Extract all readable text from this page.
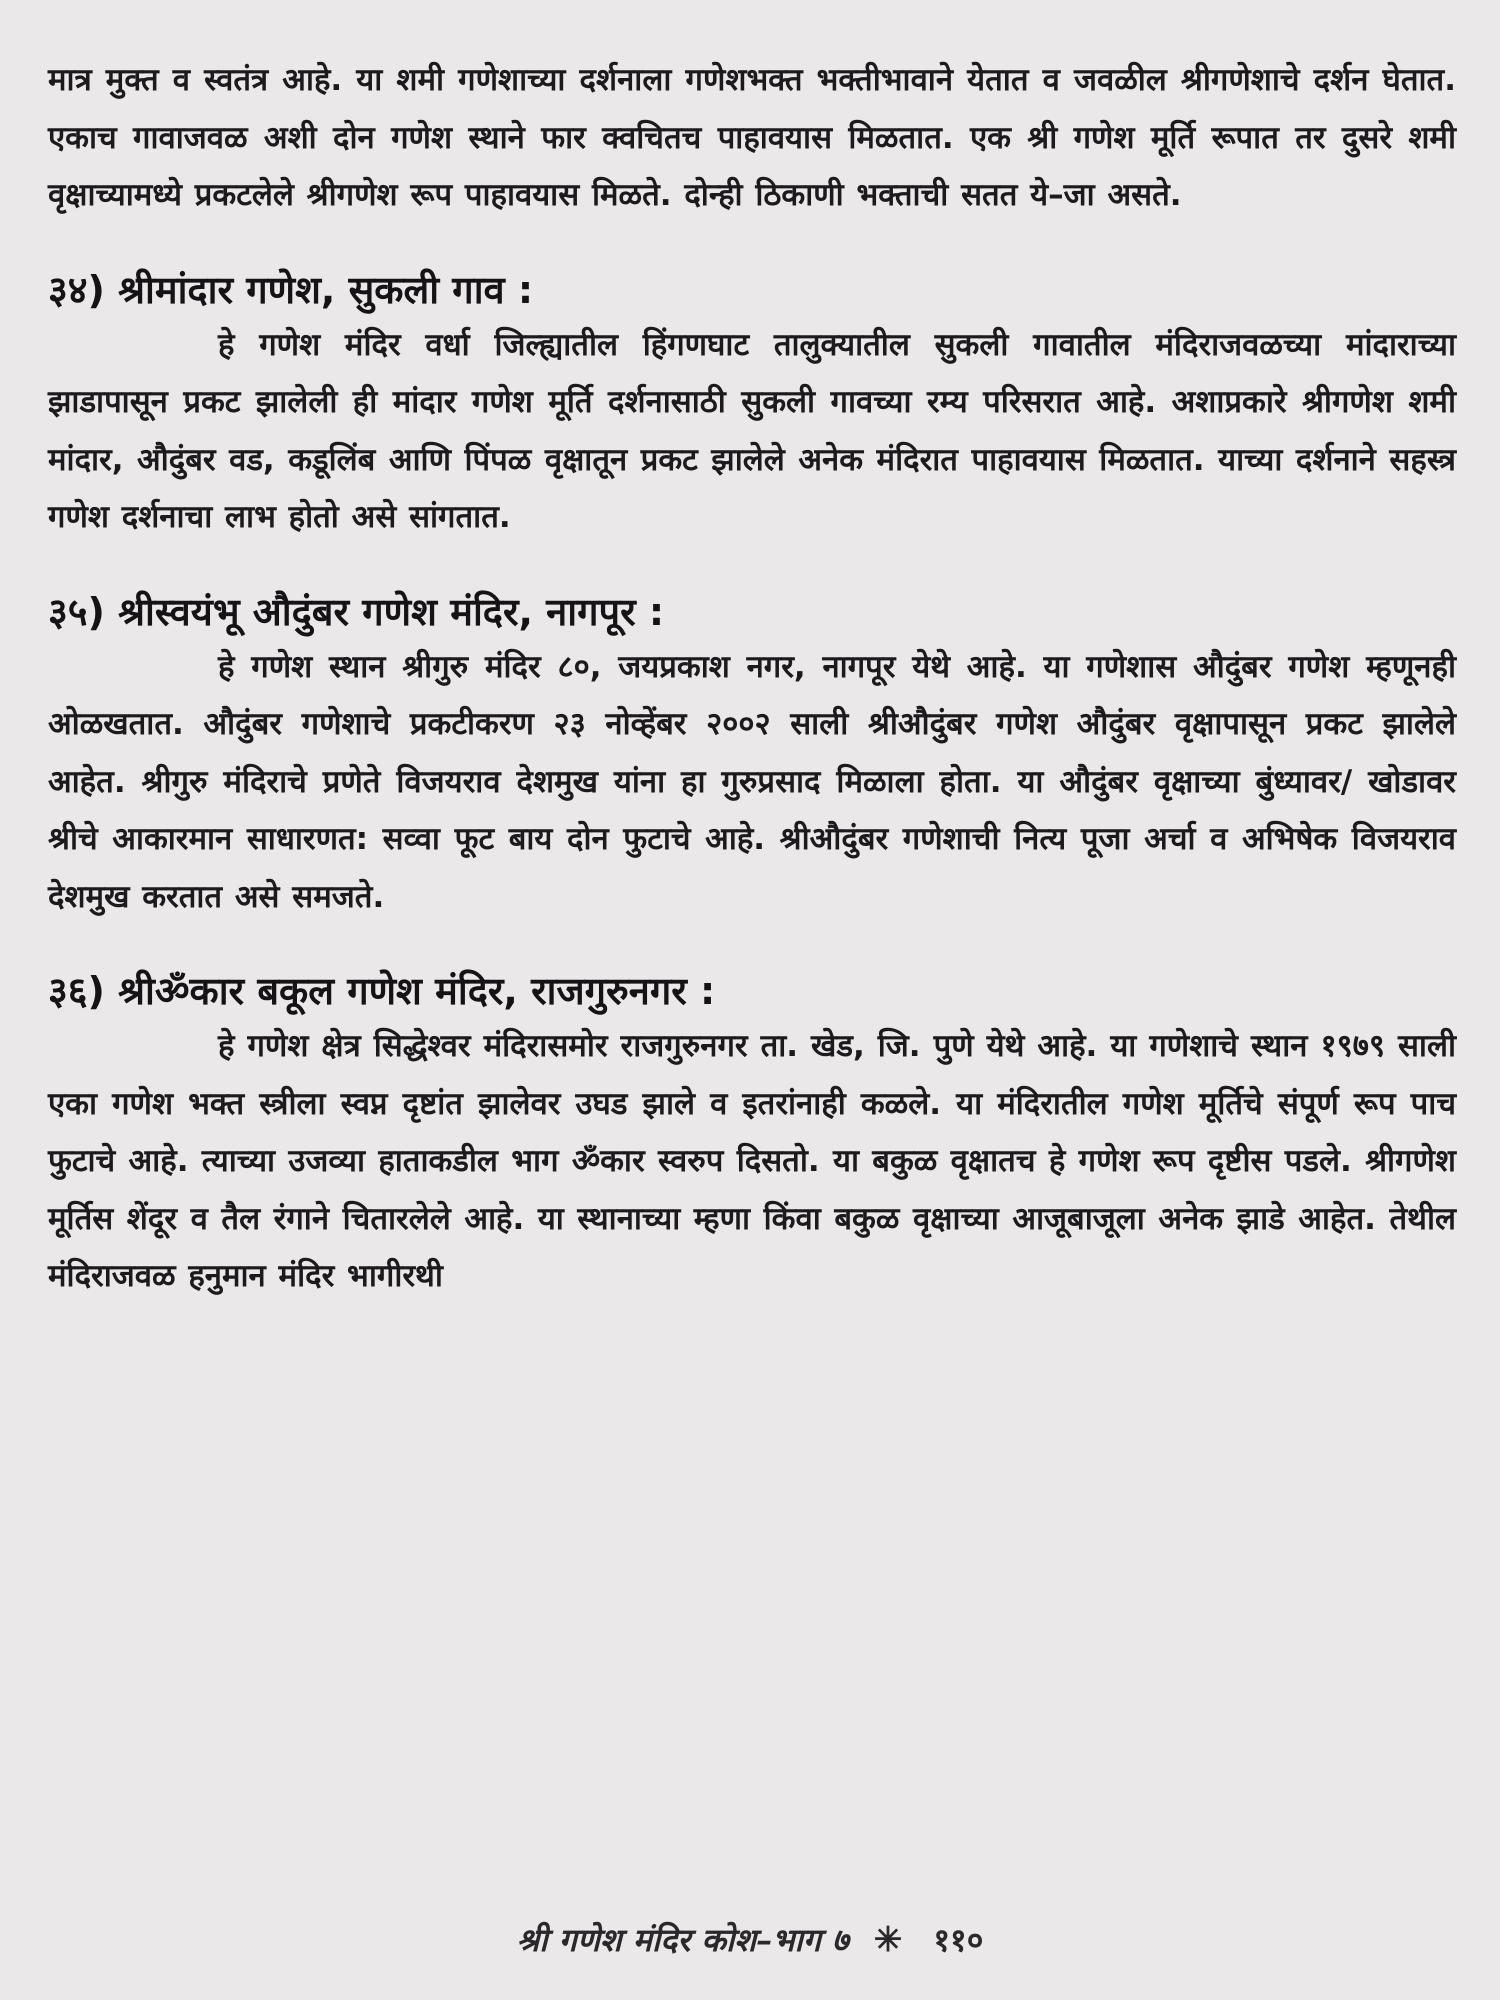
मात्र मुक्त व स्वतंत्र आहे. या शमी गणेशाच्या दर्शनाला गणेशभक्त भक्तीभावाने येतात व जवळील श्रीगणेशाचे दर्शन घेतात. एकाच गावाजवळ अशी दोन गणेश स्थाने फार क्वचितच पाहावयास मिळतात. एक श्री गणेश मूर्ति रूपात तर दुसरे शमी वृक्षाच्यामध्ये प्रकटलेले श्रीगणेश रूप पाहावयास मिळते. दोन्ही ठिकाणी भक्ताची सतत ये–जा असते.

३४) श्रीमांदार गणेश, सुकली गाव :

हे गणेश मंदिर वर्धा जिल्ह्यातील हिंगणघाट तालुक्यातील सुकली गावातील मंदिराजवळच्या मांदाराच्या झाडापासून प्रकट झालेली ही मांदार गणेश मूर्ति दर्शनासाठी सुकली गावच्या रम्य परिसरात आहे. अशाप्रकारे श्रीगणेश शमी मांदार, औदुंबर वड, कडूलिंब आणि पिंपळ वृक्षातून प्रकट झालेले अनेक मंदिरात पाहावयास मिळतात. याच्या दर्शनाने सहस्त्र गणेश दर्शनाचा लाभ होतो असे सांगतात.

३५) श्रीस्वयंभू औदुंबर गणेश मंदिर, नागपूर :

हे गणेश स्थान श्रीगुरु मंदिर ८०, जयप्रकाश नगर, नागपूर येथे आहे. या गणेशास औदुंबर गणेश म्हणूनही ओळखतात. औदुंबर गणेशाचे प्रकटीकरण २३ नोव्हेंबर २००२ साली श्रीऔदुंबर गणेश औदुंबर वृक्षापासून प्रकट झालेले आहेत. श्रीगुरु मंदिराचे प्रणेते विजयराव देशमुख यांना हा गुरुप्रसाद मिळाला होता. या औदुंबर वृक्षाच्या बुंध्यावर/ खोडावर श्रीचे आकारमान साधारणत: सव्वा फूट बाय दोन फुटाचे आहे. श्रीऔदुंबर गणेशाची नित्य पूजा अर्चा व अभिषेक विजयराव देशमुख करतात असे समजते.

३६) श्रीॐकार बकूल गणेश मंदिर, राजगुरुनगर :

हे गणेश क्षेत्र सिद्धेश्वर मंदिरासमोर राजगुरुनगर ता. खेड, जि. पुणे येथे आहे. या गणेशाचे स्थान १९७९ साली एका गणेश भक्त स्त्रीला स्वप्न दृष्टांत झालेवर उघड झाले व इतरांनाही कळले. या मंदिरातील गणेश मूर्तिचे संपूर्ण रूप पाच फुटाचे आहे. त्याच्या उजव्या हाताकडील भाग ॐकार स्वरुप दिसतो. या बकुळ वृक्षातच हे गणेश रूप दृष्टीस पडले. श्रीगणेश मूर्तिस शेंदूर व तैल रंगाने चितारलेले आहे. या स्थानाच्या म्हणा किंवा बकुळ वृक्षाच्या आजूबाजूला अनेक झाडे आहेत. तेथील मंदिराजवळ हनुमान मंदिर भागीरथी

श्री गणेश मंदिर कोश–भाग ७ ✳ ११०
